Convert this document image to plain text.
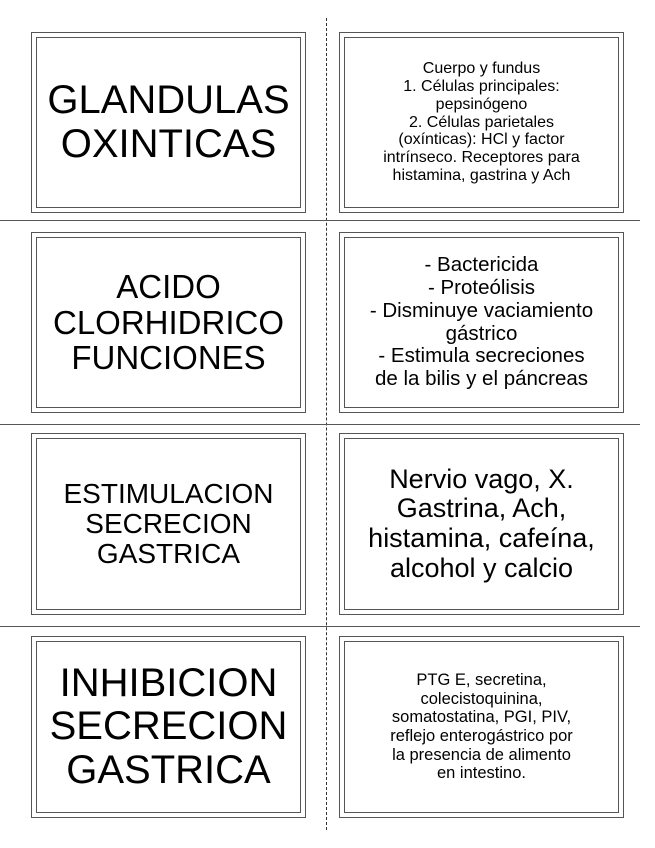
GLANDULAS
OXINTICAS
Cuerpo y fundus
1. Células principales:
pepsinógeno
2. Células parietales
(oxínticas): HCl y factor
intrínseco. Receptores para
histamina, gastrina y Ach
ACIDO
CLORHIDRICO
FUNCIONES
- Bactericida
- Proteólisis
- Disminuye vaciamiento
gástrico
- Estimula secreciones
de la bilis y el páncreas
ESTIMULACION
SECRECION
GASTRICA
Nervio vago, X.
Gastrina, Ach,
histamina, cafeína,
alcohol y calcio
INHIBICION
SECRECION
GASTRICA
PTG E, secretina,
colecistoquinina,
somatostatina, PGI, PIV,
reflejo enterogástrico por
la presencia de alimento
en intestino.
